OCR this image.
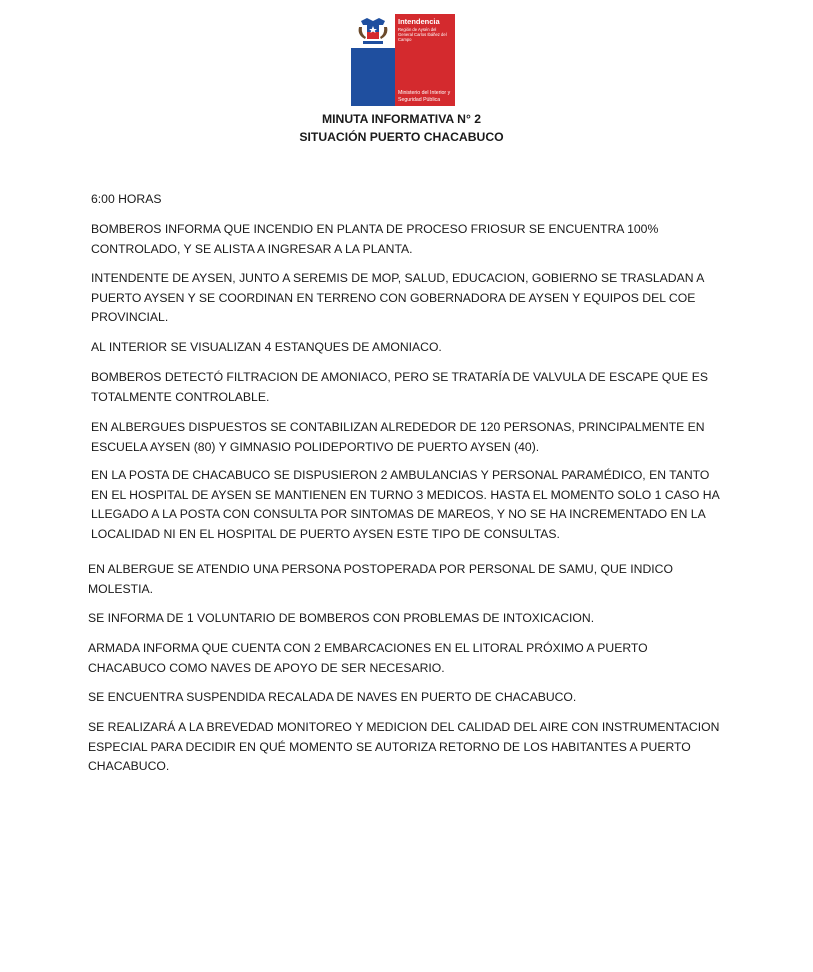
Intendencia

Región de Aysén del General Carlos Ibáñez del Campo

Ministerio del Interior y Seguridad Pública
MINUTA INFORMATIVA N° 2
SITUACIÓN PUERTO CHACABUCO

6:00 HORAS

BOMBEROS INFORMA QUE INCENDIO EN PLANTA DE PROCESO FRIOSUR SE ENCUENTRA 100% CONTROLADO, Y SE ALISTA A INGRESAR A LA PLANTA.

INTENDENTE DE AYSEN, JUNTO A SEREMIS DE MOP, SALUD, EDUCACION, GOBIERNO SE TRASLADAN A PUERTO AYSEN Y SE COORDINAN EN TERRENO CON GOBERNADORA DE AYSEN Y EQUIPOS DEL COE PROVINCIAL.

AL INTERIOR SE VISUALIZAN 4 ESTANQUES DE AMONIACO.

BOMBEROS DETECTÓ FILTRACION DE AMONIACO, PERO SE TRATARÍA DE VALVULA DE ESCAPE QUE ES TOTALMENTE CONTROLABLE.

EN ALBERGUES DISPUESTOS SE CONTABILIZAN ALREDEDOR DE 120 PERSONAS, PRINCIPALMENTE EN ESCUELA AYSEN (80) Y GIMNASIO POLIDEPORTIVO DE PUERTO AYSEN (40).

EN LA POSTA DE CHACABUCO SE DISPUSIERON 2 AMBULANCIAS Y PERSONAL PARAMÉDICO, EN TANTO EN EL HOSPITAL DE AYSEN SE MANTIENEN EN TURNO 3 MEDICOS. HASTA EL MOMENTO SOLO 1 CASO HA LLEGADO A LA POSTA CON CONSULTA POR SINTOMAS DE MAREOS, Y NO SE HA INCREMENTADO EN LA LOCALIDAD NI EN EL HOSPITAL DE PUERTO AYSEN ESTE TIPO DE CONSULTAS.

EN ALBERGUE SE ATENDIO UNA PERSONA POSTOPERADA POR PERSONAL DE SAMU, QUE INDICO MOLESTIA.

SE INFORMA DE 1 VOLUNTARIO DE BOMBEROS CON PROBLEMAS DE INTOXICACION.

ARMADA INFORMA QUE CUENTA CON 2 EMBARCACIONES EN EL LITORAL PRÓXIMO A PUERTO CHACABUCO COMO NAVES DE APOYO DE SER NECESARIO.

SE ENCUENTRA SUSPENDIDA RECALADA DE NAVES EN PUERTO DE CHACABUCO.

SE REALIZARÁ A LA BREVEDAD MONITOREO Y MEDICION DEL CALIDAD DEL AIRE CON INSTRUMENTACION ESPECIAL PARA DECIDIR EN QUÉ MOMENTO SE AUTORIZA RETORNO DE LOS HABITANTES A PUERTO CHACABUCO.
